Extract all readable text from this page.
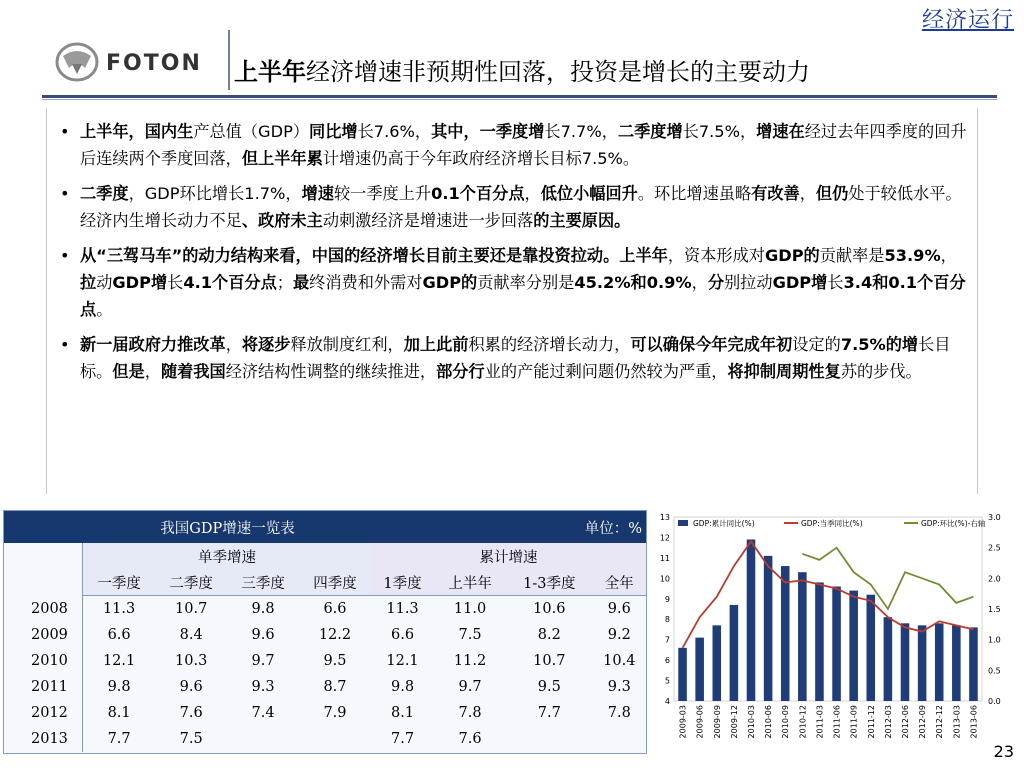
经济运行
FOTON 上半年经济增速非预期性回落，投资是增长的主要动力
• 上半年，国内生产总值（GDP）同比增长7.6%，其中，一季度增长7.7%，二季度增长7.5%，增速在经过去年四季度的回升后连续两个季度回落，但上半年累计增速仍高于今年政府经济增长目标7.5%。
• 二季度，GDP环比增长1.7%，增速较一季度上升0.1个百分点，低位小幅回升。环比增速虽略有改善，但仍处于较低水平。经济内生增长动力不足、政府未主动刺激经济是增速进一步回落的主要原因。
• 从“三驾马车”的动力结构来看，中国的经济增长目前主要还是靠投资拉动。上半年，资本形成对GDP的贡献率是53.9%，拉动GDP增长4.1个百分点；最终消费和外需对GDP的贡献率分别是45.2%和0.9%，分别拉动GDP增长3.4和0.1个百分点。
• 新一届政府力推改革，将逐步释放制度红利，加上此前积累的经济增长动力，可以确保今年完成年初设定的7.5%的增长目标。但是，随着我国经济结构性调整的继续推进，部分行业的产能过剩问题仍然较为严重，将抑制周期性复苏的步伐。
我国GDP增速一览表					单位：%			
	单季增速				累计增速			
	一季度	二季度	三季度	四季度	1季度	上半年	1-3季度	全年
2008	11.3	10.7	9.8	6.6	11.3	11.0	10.6	9.6
2009	6.6	8.4	9.6	12.2	6.6	7.5	8.2	9.2
2010	12.1	10.3	9.7	9.5	12.1	11.2	10.7	10.4
2011	9.8	9.6	9.3	8.7	9.8	9.7	9.5	9.3
2012	8.1	7.6	7.4	7.9	8.1	7.8	7.7	7.8
2013	7.7	7.5			7.7	7.6		
4
5
6
7
8
9
10
11
12
13
0.0
0.5
1.0
1.5
2.0
2.5
3.0
2009-03 2009-06 2009-09 2009-12 2010-03 2010-06 2010-09 2010-12 2011-03 2011-06 2011-09 2011-12 2012-03 2012-06 2012-09 2012-12 2013-03 2013-06
GDP:累计同比(%)	GDP:当季同比(%)	GDP:环比(%)-右轴
23
